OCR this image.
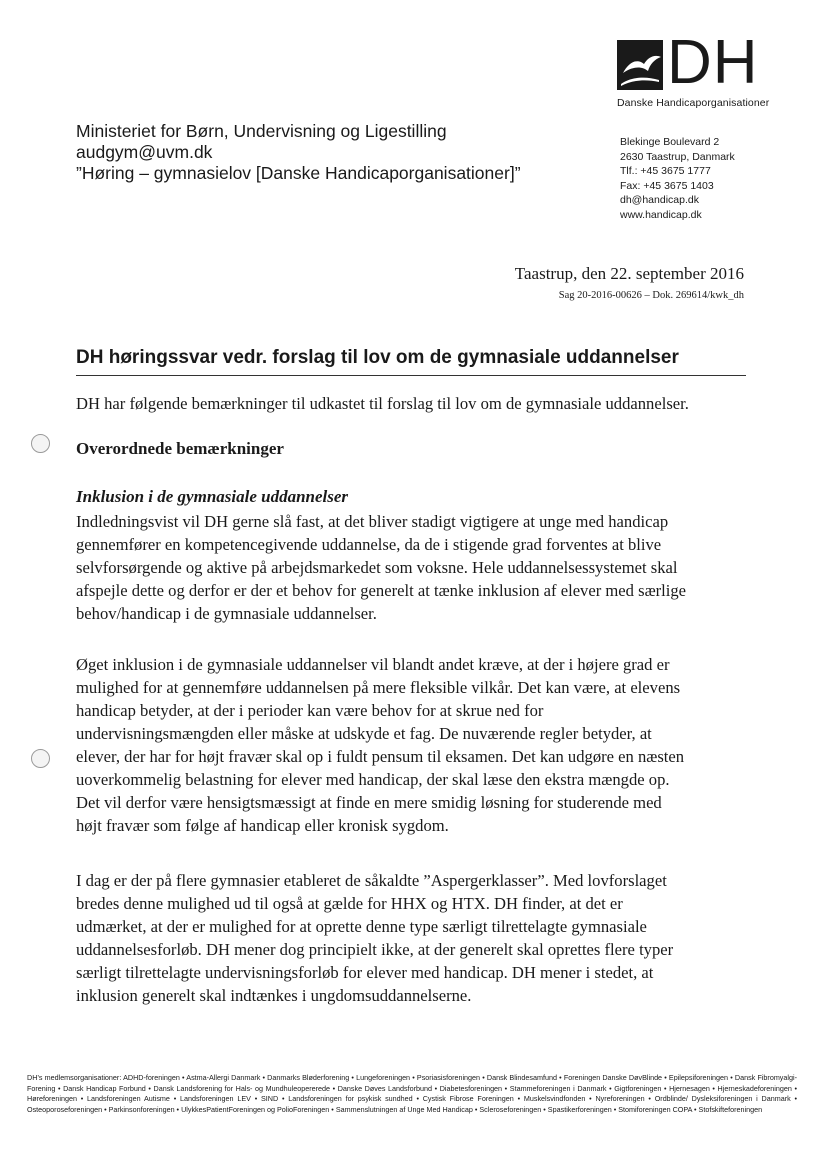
DH
Danske Handicaporganisationer
Ministeriet for Børn, Undervisning og Ligestilling
audgym@uvm.dk
”Høring – gymnasielov [Danske Handicaporganisationer]”
Blekinge Boulevard 2
2630 Taastrup, Danmark
Tlf.: +45 3675 1777
Fax: +45 3675 1403
dh@handicap.dk
www.handicap.dk
Taastrup, den 22. september 2016
Sag 20-2016-00626 – Dok. 269614/kwk_dh
DH høringssvar vedr. forslag til lov om de gymnasiale uddannelser
DH har følgende bemærkninger til udkastet til forslag til lov om de gymnasiale uddannelser.
Overordnede bemærkninger
Inklusion i de gymnasiale uddannelser
Indledningsvist vil DH gerne slå fast, at det bliver stadigt vigtigere at unge med handicap
gennemfører en kompetencegivende uddannelse, da de i stigende grad forventes at blive
selvforsørgende og aktive på arbejdsmarkedet som voksne. Hele uddannelsessystemet skal
afspejle dette og derfor er der et behov for generelt at tænke inklusion af elever med særlige
behov/handicap i de gymnasiale uddannelser.
Øget inklusion i de gymnasiale uddannelser vil blandt andet kræve, at der i højere grad er
mulighed for at gennemføre uddannelsen på mere fleksible vilkår. Det kan være, at elevens
handicap betyder, at der i perioder kan være behov for at skrue ned for
undervisningsmængden eller måske at udskyde et fag. De nuværende regler betyder, at
elever, der har for højt fravær skal op i fuldt pensum til eksamen. Det kan udgøre en næsten
uoverkommelig belastning for elever med handicap, der skal læse den ekstra mængde op.
Det vil derfor være hensigtsmæssigt at finde en mere smidig løsning for studerende med
højt fravær som følge af handicap eller kronisk sygdom.
I dag er der på flere gymnasier etableret de såkaldte ”Aspergerklasser”. Med lovforslaget
bredes denne mulighed ud til også at gælde for HHX og HTX. DH finder, at det er
udmærket, at der er mulighed for at oprette denne type særligt tilrettelagte gymnasiale
uddannelsesforløb. DH mener dog principielt ikke, at der generelt skal oprettes flere typer
særligt tilrettelagte undervisningsforløb for elever med handicap. DH mener i stedet, at
inklusion generelt skal indtænkes i ungdomsuddannelserne.
DH’s medlemsorganisationer: ADHD-foreningen • Astma-Allergi Danmark • Danmarks Bløderforening • Lungeforeningen • Psoriasisforeningen • Dansk Blindesamfund • Foreningen Danske DøvBlinde • Epilepsiforeningen • Dansk Fibromyalgi-Forening • Dansk Handicap Forbund • Dansk Landsforening for Hals- og Mundhuleopererede • Danske Døves Landsforbund • Diabetesforeningen • Stammeforeningen i Danmark • Gigtforeningen • Hjernesagen • Hjerneskadeforeningen • Høreforeningen • Landsforeningen Autisme • Landsforeningen LEV • SIND • Landsforeningen for psykisk sundhed • Cystisk Fibrose Foreningen • Muskelsvindfonden • Nyreforeningen • Ordblinde/ Dysleksiforeningen i Danmark • Osteoporoseforeningen • Parkinsonforeningen • UlykkesPatientForeningen og PolioForeningen • Sammenslutningen af Unge Med Handicap • Scleroseforeningen • Spastikerforeningen • Stomiforeningen COPA • Stofskifteforeningen
